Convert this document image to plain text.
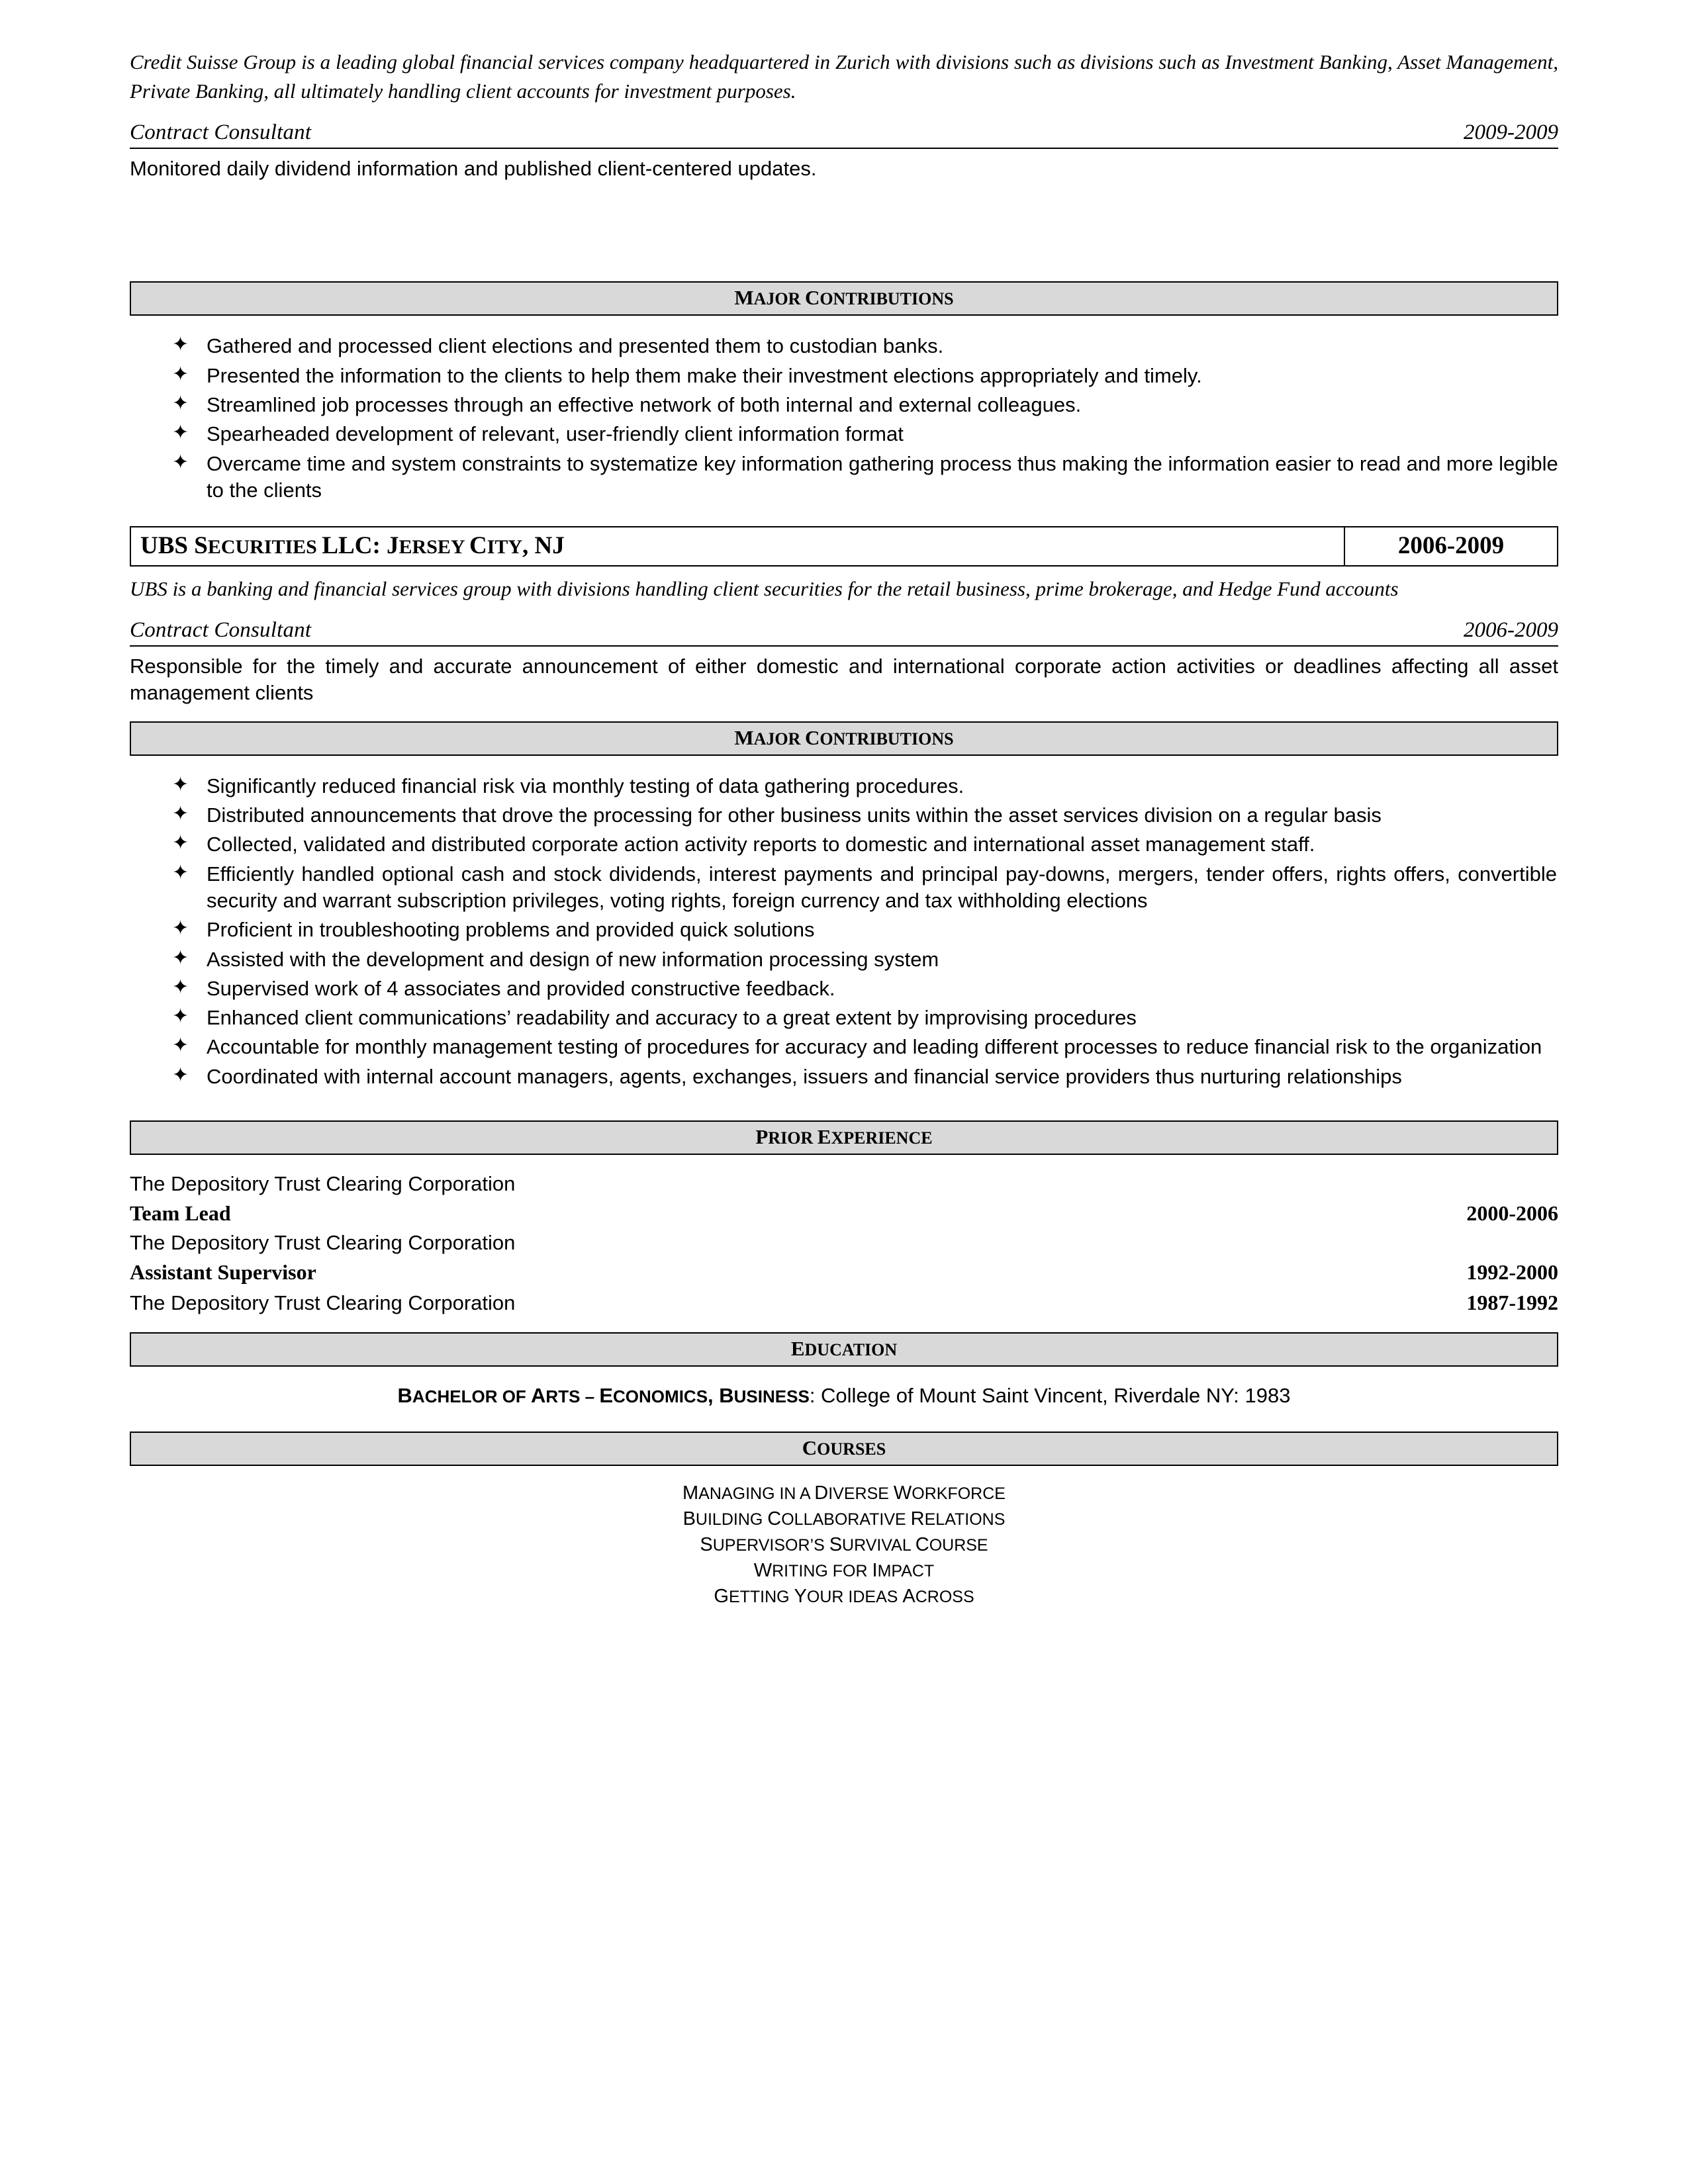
Credit Suisse Group is a leading global financial services company headquartered in Zurich with divisions such as divisions such as Investment Banking, Asset Management, Private Banking, all ultimately handling client accounts for investment purposes.
Contract Consultant	2009-2009
Monitored daily dividend information and published client-centered updates.
MAJOR CONTRIBUTIONS
✦ Gathered and processed client elections and presented them to custodian banks.
✦ Presented the information to the clients to help them make their investment elections appropriately and timely.
✦ Streamlined job processes through an effective network of both internal and external colleagues.
✦ Spearheaded development of relevant, user-friendly client information format
✦ Overcame time and system constraints to systematize key information gathering process thus making the information easier to read and more legible to the clients
UBS SECURITIES LLC: JERSEY CITY, NJ	2006-2009
UBS is a banking and financial services group with divisions handling client securities for the retail business, prime brokerage, and Hedge Fund accounts
Contract Consultant	2006-2009
Responsible for the timely and accurate announcement of either domestic and international corporate action activities or deadlines affecting all asset management clients
MAJOR CONTRIBUTIONS
✦ Significantly reduced financial risk via monthly testing of data gathering procedures.
✦ Distributed announcements that drove the processing for other business units within the asset services division on a regular basis
✦ Collected, validated and distributed corporate action activity reports to domestic and international asset management staff.
✦ Efficiently handled optional cash and stock dividends, interest payments and principal pay-downs, mergers, tender offers, rights offers, convertible security and warrant subscription privileges, voting rights, foreign currency and tax withholding elections
✦ Proficient in troubleshooting problems and provided quick solutions
✦ Assisted with the development and design of new information processing system
✦ Supervised work of 4 associates and provided constructive feedback.
✦ Enhanced client communications’ readability and accuracy to a great extent by improvising procedures
✦ Accountable for monthly management testing of procedures for accuracy and leading different processes to reduce financial risk to the organization
✦ Coordinated with internal account managers, agents, exchanges, issuers and financial service providers thus nurturing relationships
PRIOR EXPERIENCE
The Depository Trust Clearing Corporation
Team Lead	2000-2006
The Depository Trust Clearing Corporation
Assistant Supervisor	1992-2000
The Depository Trust Clearing Corporation	1987-1992
EDUCATION
BACHELOR OF ARTS – ECONOMICS, BUSINESS: College of Mount Saint Vincent, Riverdale NY: 1983
COURSES
MANAGING IN A DIVERSE WORKFORCE
BUILDING COLLABORATIVE RELATIONS
SUPERVISOR’S SURVIVAL COURSE
WRITING FOR IMPACT
GETTING YOUR IDEAS ACROSS
